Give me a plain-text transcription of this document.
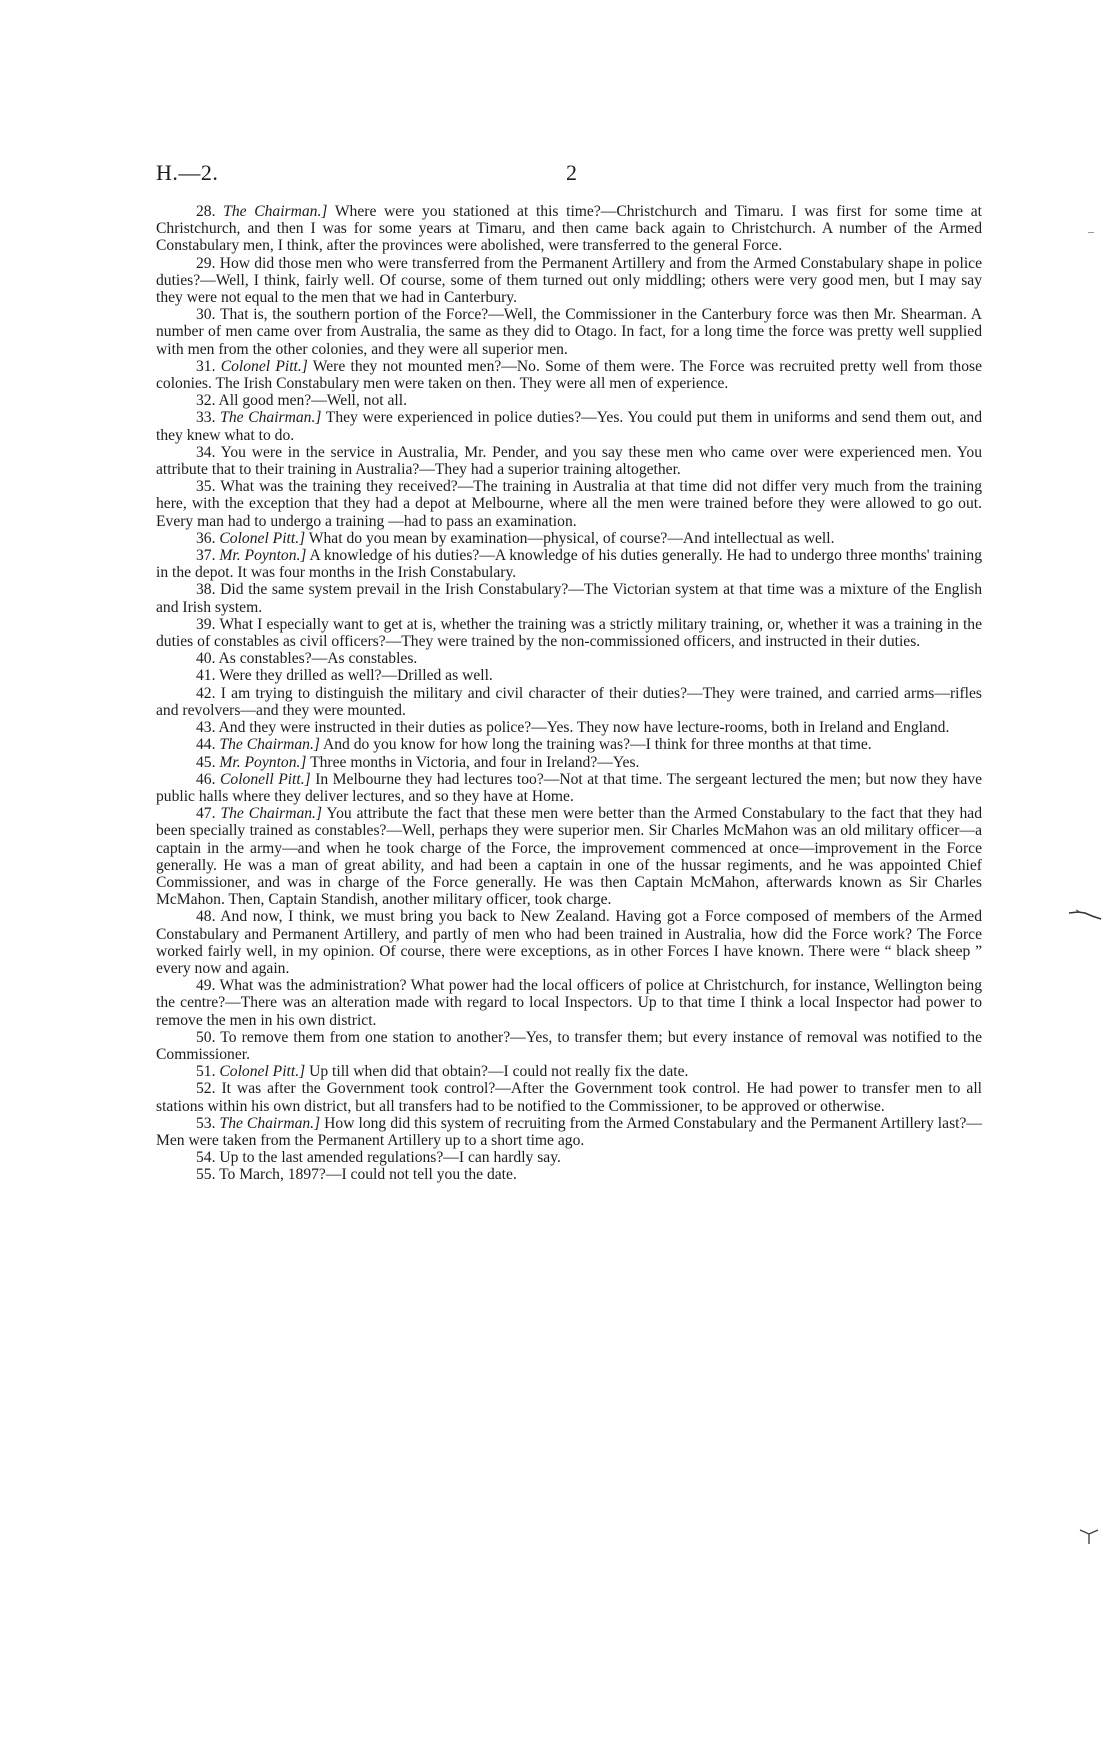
H.—2.	2

28. The Chairman.] Where were you stationed at this time?—Christchurch and Timaru. I was first for some time at Christchurch, and then I was for some years at Timaru, and then came back again to Christchurch. A number of the Armed Constabulary men, I think, after the provinces were abolished, were transferred to the general Force.

29. How did those men who were transferred from the Permanent Artillery and from the Armed Constabulary shape in police duties?—Well, I think, fairly well. Of course, some of them turned out only middling; others were very good men, but I may say they were not equal to the men that we had in Canterbury.

30. That is, the southern portion of the Force?—Well, the Commissioner in the Canterbury force was then Mr. Shearman. A number of men came over from Australia, the same as they did to Otago. In fact, for a long time the force was pretty well supplied with men from the other colonies, and they were all superior men.

31. Colonel Pitt.] Were they not mounted men?—No. Some of them were. The Force was recruited pretty well from those colonies. The Irish Constabulary men were taken on then. They were all men of experience.

32. All good men?—Well, not all.

33. The Chairman.] They were experienced in police duties?—Yes. You could put them in uniforms and send them out, and they knew what to do.

34. You were in the service in Australia, Mr. Pender, and you say these men who came over were experienced men. You attribute that to their training in Australia?—They had a superior training altogether.

35. What was the training they received?—The training in Australia at that time did not differ very much from the training here, with the exception that they had a depot at Melbourne, where all the men were trained before they were allowed to go out. Every man had to undergo a training —had to pass an examination.

36. Colonel Pitt.] What do you mean by examination—physical, of course?—And intellectual as well.

37. Mr. Poynton.] A knowledge of his duties?—A knowledge of his duties generally. He had to undergo three months' training in the depot. It was four months in the Irish Constabulary.

38. Did the same system prevail in the Irish Constabulary?—The Victorian system at that time was a mixture of the English and Irish system.

39. What I especially want to get at is, whether the training was a strictly military training, or, whether it was a training in the duties of constables as civil officers?—They were trained by the non-commissioned officers, and instructed in their duties.

40. As constables?—As constables.

41. Were they drilled as well?—Drilled as well.

42. I am trying to distinguish the military and civil character of their duties?—They were trained, and carried arms—rifles and revolvers—and they were mounted.

43. And they were instructed in their duties as police?—Yes. They now have lecture-rooms, both in Ireland and England.

44. The Chairman.] And do you know for how long the training was?—I think for three months at that time.

45. Mr. Poynton.] Three months in Victoria, and four in Ireland?—Yes.

46. Colonell Pitt.] In Melbourne they had lectures too?—Not at that time. The sergeant lectured the men; but now they have public halls where they deliver lectures, and so they have at Home.

47. The Chairman.] You attribute the fact that these men were better than the Armed Constabulary to the fact that they had been specially trained as constables?—Well, perhaps they were superior men. Sir Charles McMahon was an old military officer—a captain in the army—and when he took charge of the Force, the improvement commenced at once—improvement in the Force generally. He was a man of great ability, and had been a captain in one of the hussar regiments, and he was appointed Chief Commissioner, and was in charge of the Force generally. He was then Captain McMahon, afterwards known as Sir Charles McMahon. Then, Captain Standish, another military officer, took charge.

48. And now, I think, we must bring you back to New Zealand. Having got a Force composed of members of the Armed Constabulary and Permanent Artillery, and partly of men who had been trained in Australia, how did the Force work? The Force worked fairly well, in my opinion. Of course, there were exceptions, as in other Forces I have known. There were “ black sheep ” every now and again.

49. What was the administration? What power had the local officers of police at Christchurch, for instance, Wellington being the centre?—There was an alteration made with regard to local Inspectors. Up to that time I think a local Inspector had power to remove the men in his own district.

50. To remove them from one station to another?—Yes, to transfer them; but every instance of removal was notified to the Commissioner.

51. Colonel Pitt.] Up till when did that obtain?—I could not really fix the date.

52. It was after the Government took control?—After the Government took control. He had power to transfer men to all stations within his own district, but all transfers had to be notified to the Commissioner, to be approved or otherwise.

53. The Chairman.] How long did this system of recruiting from the Armed Constabulary and the Permanent Artillery last?—Men were taken from the Permanent Artillery up to a short time ago.

54. Up to the last amended regulations?—I can hardly say.

55. To March, 1897?—I could not tell you the date.
